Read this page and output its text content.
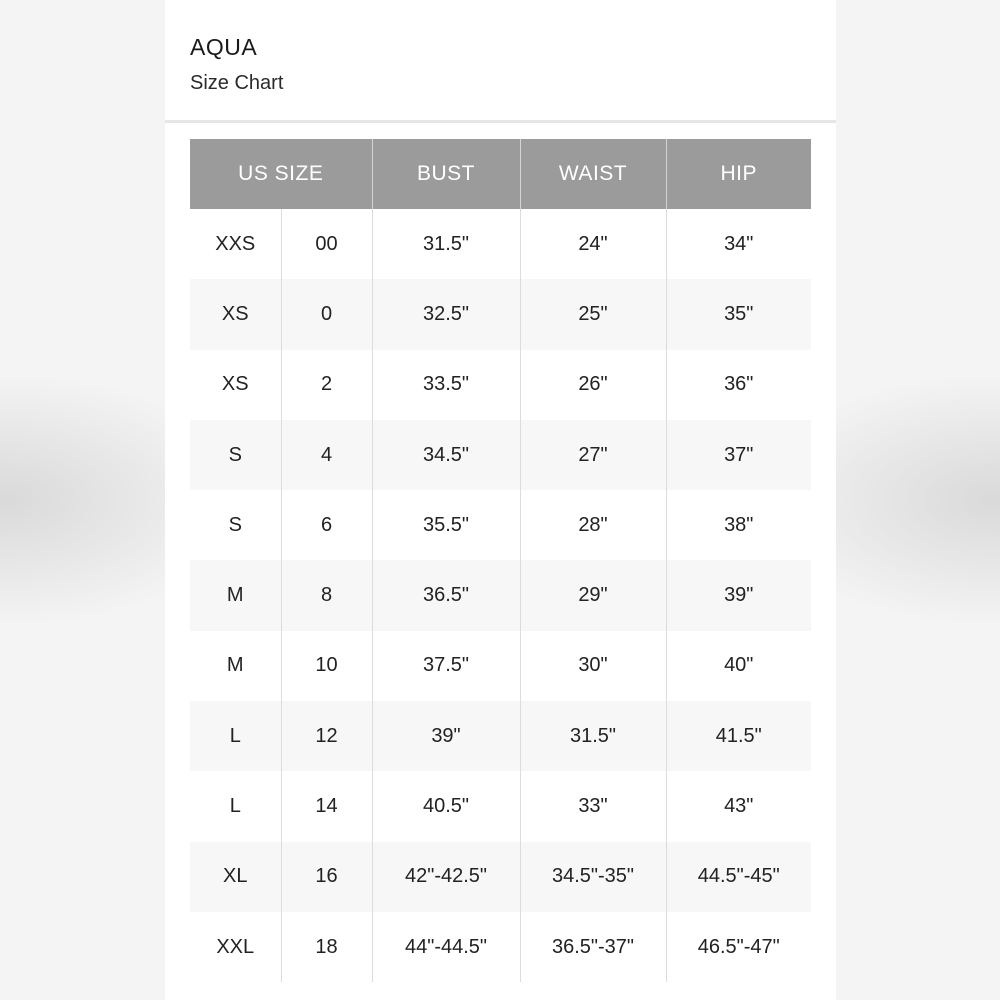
AQUA
Size Chart
US SIZE		BUST	WAIST	HIP
XXS	00	31.5"	24"	34"
XS	0	32.5"	25"	35"
XS	2	33.5"	26"	36"
S	4	34.5"	27"	37"
S	6	35.5"	28"	38"
M	8	36.5"	29"	39"
M	10	37.5"	30"	40"
L	12	39"	31.5"	41.5"
L	14	40.5"	33"	43"
XL	16	42"-42.5"	34.5"-35"	44.5"-45"
XXL	18	44"-44.5"	36.5"-37"	46.5"-47"
